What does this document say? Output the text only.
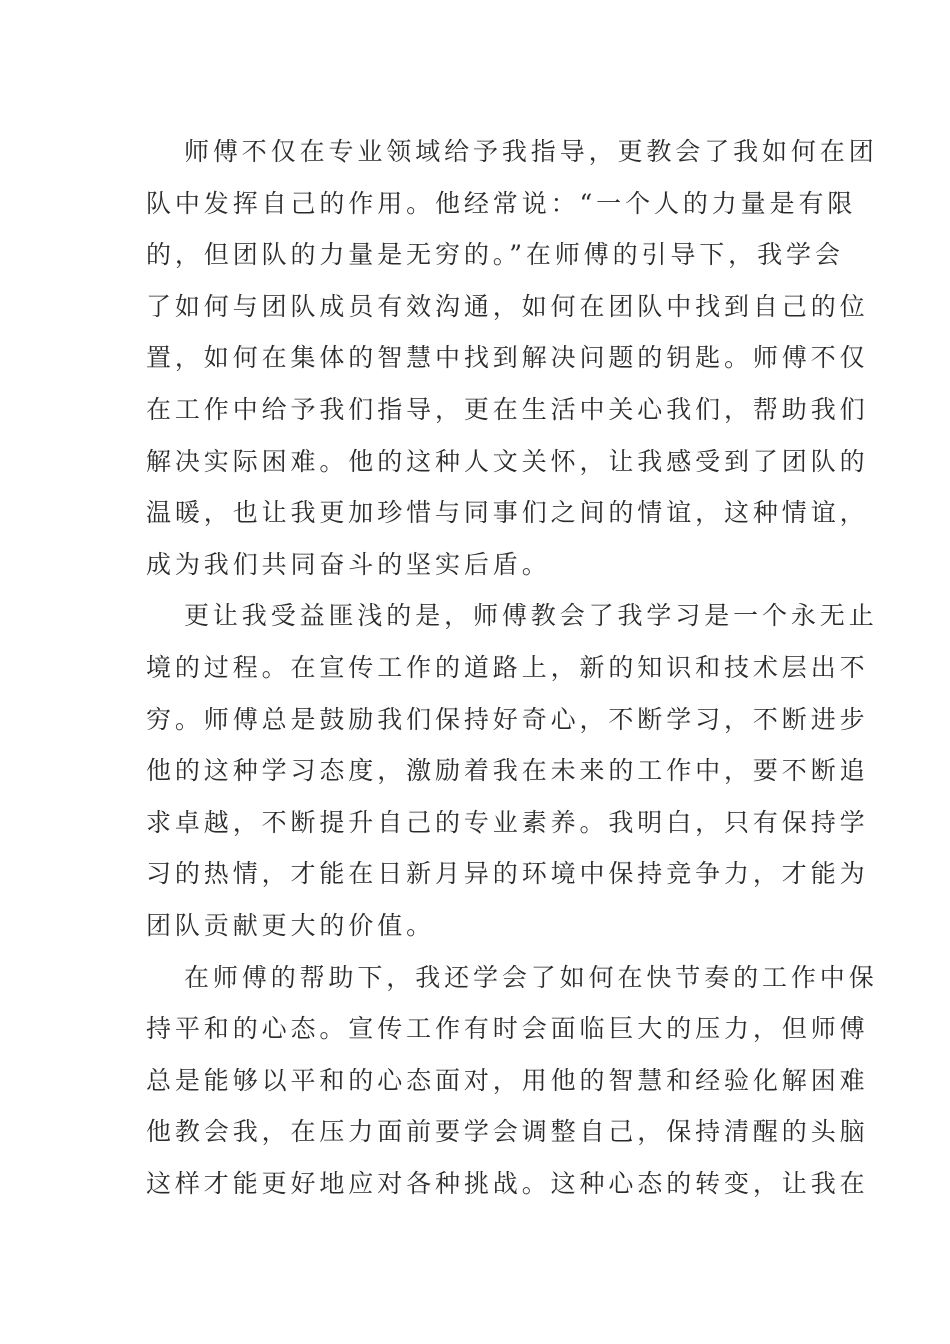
师傅不仅在专业领域给予我指导，更教会了我如何在团
队中发挥自己的作用。他经常说：“一个人的力量是有限
的，但团队的力量是无穷的。”在师傅的引导下，我学会
了如何与团队成员有效沟通，如何在团队中找到自己的位
置，如何在集体的智慧中找到解决问题的钥匙。师傅不仅
在工作中给予我们指导，更在生活中关心我们，帮助我们
解决实际困难。他的这种人文关怀，让我感受到了团队的
温暖，也让我更加珍惜与同事们之间的情谊，这种情谊，
成为我们共同奋斗的坚实后盾。
更让我受益匪浅的是，师傅教会了我学习是一个永无止
境的过程。在宣传工作的道路上，新的知识和技术层出不
穷。师傅总是鼓励我们保持好奇心，不断学习，不断进步
他的这种学习态度，激励着我在未来的工作中，要不断追
求卓越，不断提升自己的专业素养。我明白，只有保持学
习的热情，才能在日新月异的环境中保持竞争力，才能为
团队贡献更大的价值。
在师傅的帮助下，我还学会了如何在快节奏的工作中保
持平和的心态。宣传工作有时会面临巨大的压力，但师傅
总是能够以平和的心态面对，用他的智慧和经验化解困难
他教会我，在压力面前要学会调整自己，保持清醒的头脑
这样才能更好地应对各种挑战。这种心态的转变，让我在
